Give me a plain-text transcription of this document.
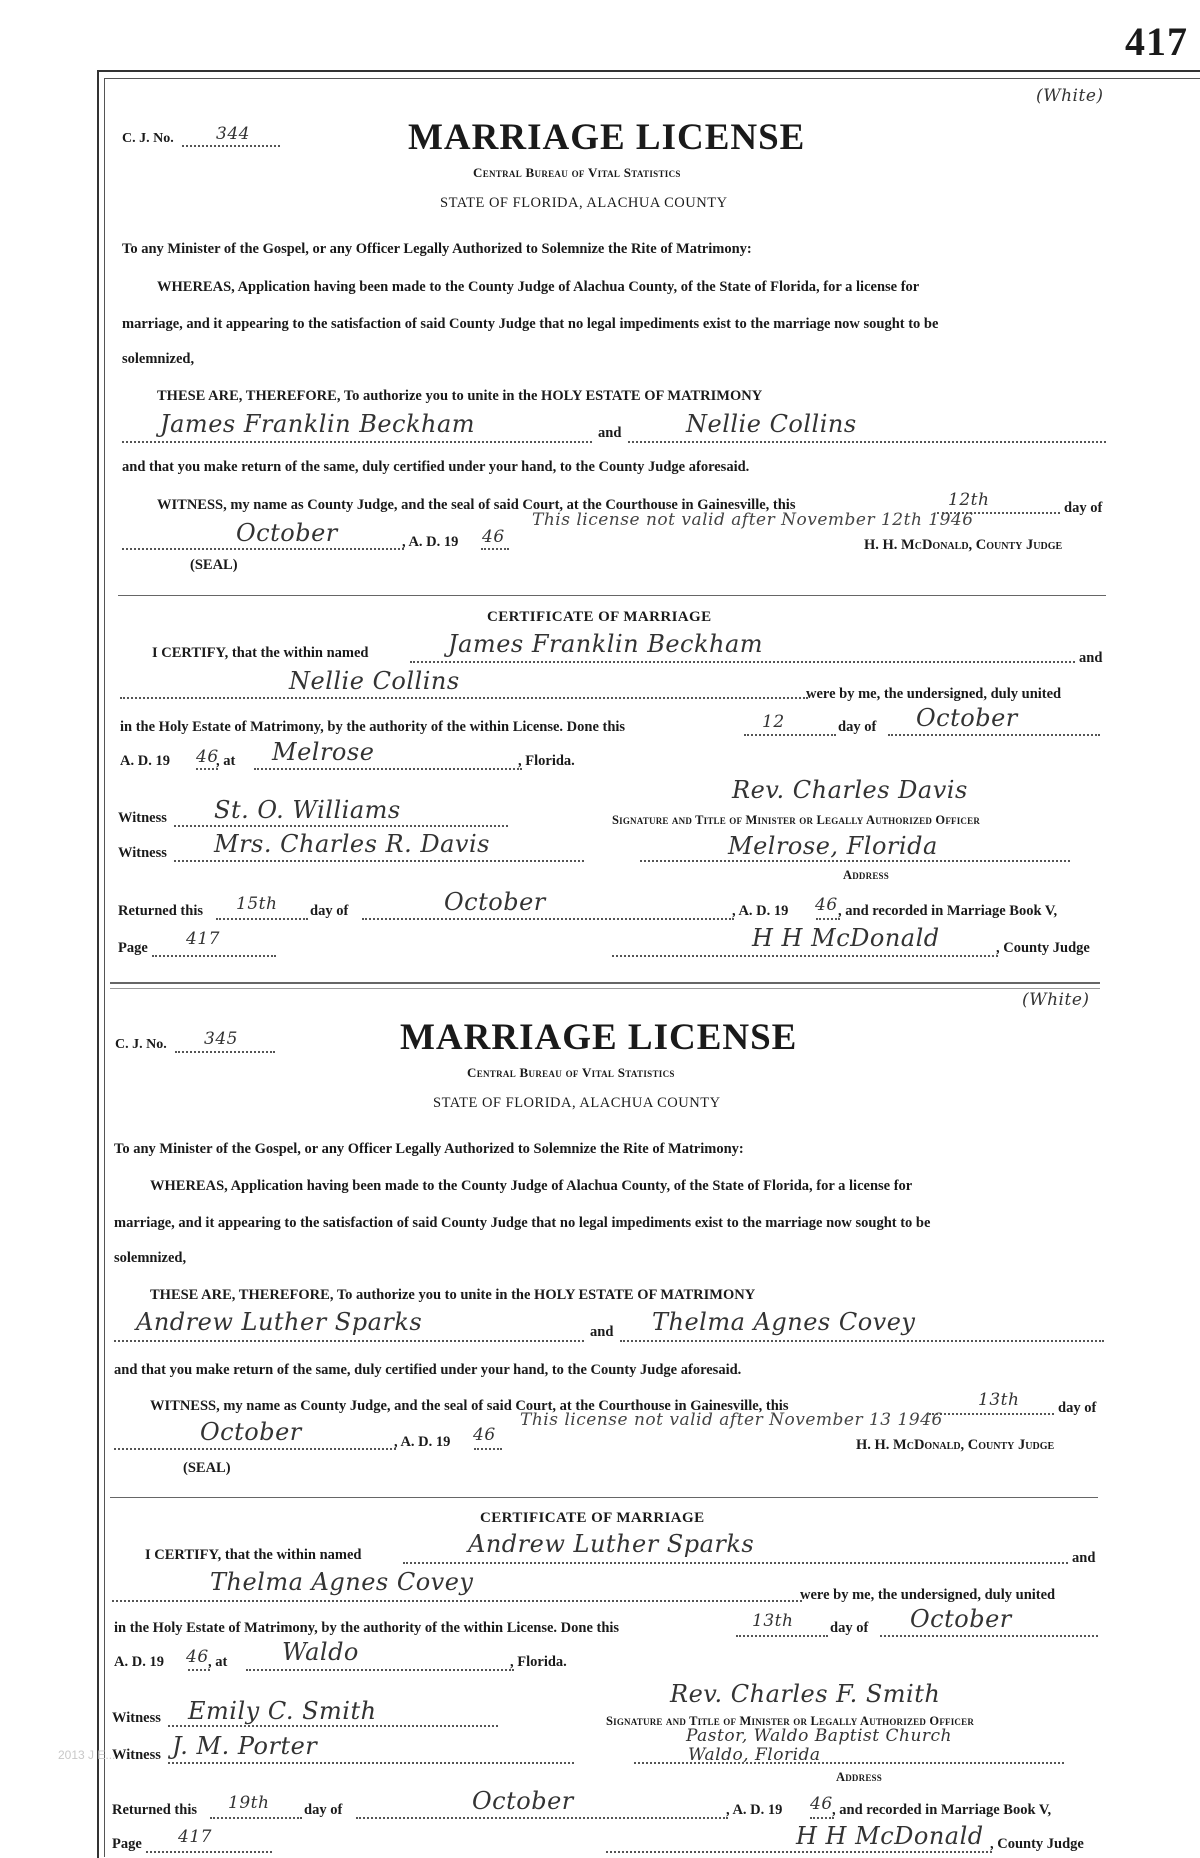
417
(White)
C. J. No. 344	MARRIAGE LICENSE
Central Bureau of Vital Statistics
STATE OF FLORIDA, ALACHUA COUNTY
To any Minister of the Gospel, or any Officer Legally Authorized to Solemnize the Rite of Matrimony:
WHEREAS, Application having been made to the County Judge of Alachua County, of the State of Florida, for a license for
marriage, and it appearing to the satisfaction of said County Judge that no legal impediments exist to the marriage now sought to be
solemnized,
THESE ARE, THEREFORE, To authorize you to unite in the HOLY ESTATE OF MATRIMONY
James Franklin Beckham	and	Nellie Collins
and that you make return of the same, duly certified under your hand, to the County Judge aforesaid.
WITNESS, my name as County Judge, and the seal of said Court, at the Courthouse in Gainesville, this	12th	day of
This license not valid after November 12th 1946
October	, A. D. 19 46	H. H. McDonald, County Judge
(SEAL)
CERTIFICATE OF MARRIAGE
I CERTIFY, that the within named	James Franklin Beckham	and
Nellie Collins	were by me, the undersigned, duly united
in the Holy Estate of Matrimony, by the authority of the within License. Done this	12	day of October
A. D. 19 46
, at Melrose	, Florida.
Witness St. O. Williams
Rev. Charles Davis
Signature and Title of Minister or Legally Authorized Officer
Witness Mrs. Charles R. Davis	Melrose, Florida
Address
Returned this 15th day of	October	, A. D. 19 46 , and recorded in Marriage Book V,
Page 417	H H McDonald	, County Judge
(White)
C. J. No. 345	MARRIAGE LICENSE
Central Bureau of Vital Statistics
STATE OF FLORIDA, ALACHUA COUNTY
To any Minister of the Gospel, or any Officer Legally Authorized to Solemnize the Rite of Matrimony:
WHEREAS, Application having been made to the County Judge of Alachua County, of the State of Florida, for a license for
marriage, and it appearing to the satisfaction of said County Judge that no legal impediments exist to the marriage now sought to be
solemnized,
THESE ARE, THEREFORE, To authorize you to unite in the HOLY ESTATE OF MATRIMONY
Andrew Luther Sparks	and Thelma Agnes Covey
and that you make return of the same, duly certified under your hand, to the County Judge aforesaid.
WITNESS, my name as County Judge, and the seal of said Court, at the Courthouse in Gainesville, this	13th	day of
This license not valid after November 13 1946
October	, A. D. 19 46	H. H. McDonald, County Judge
(SEAL)
CERTIFICATE OF MARRIAGE
I CERTIFY, that the within named	Andrew Luther Sparks	and
Thelma Agnes Covey	were by me, the undersigned, duly united
in the Holy Estate of Matrimony, by the authority of the within License. Done this	13th	day of October
A. D. 19 46 , at Waldo	, Florida.
Witness Emily C. Smith
Rev. Charles F. Smith
Signature and Title of Minister or Legally Authorized Officer
Witness J. M. Porter	Pastor, Waldo Baptist Church
Waldo, Florida
Address
Returned this 19th day of	October	, A. D. 19 46 , and recorded in Marriage Book V,
Page 417	H H McDonald , County Judge
2013 J E...
